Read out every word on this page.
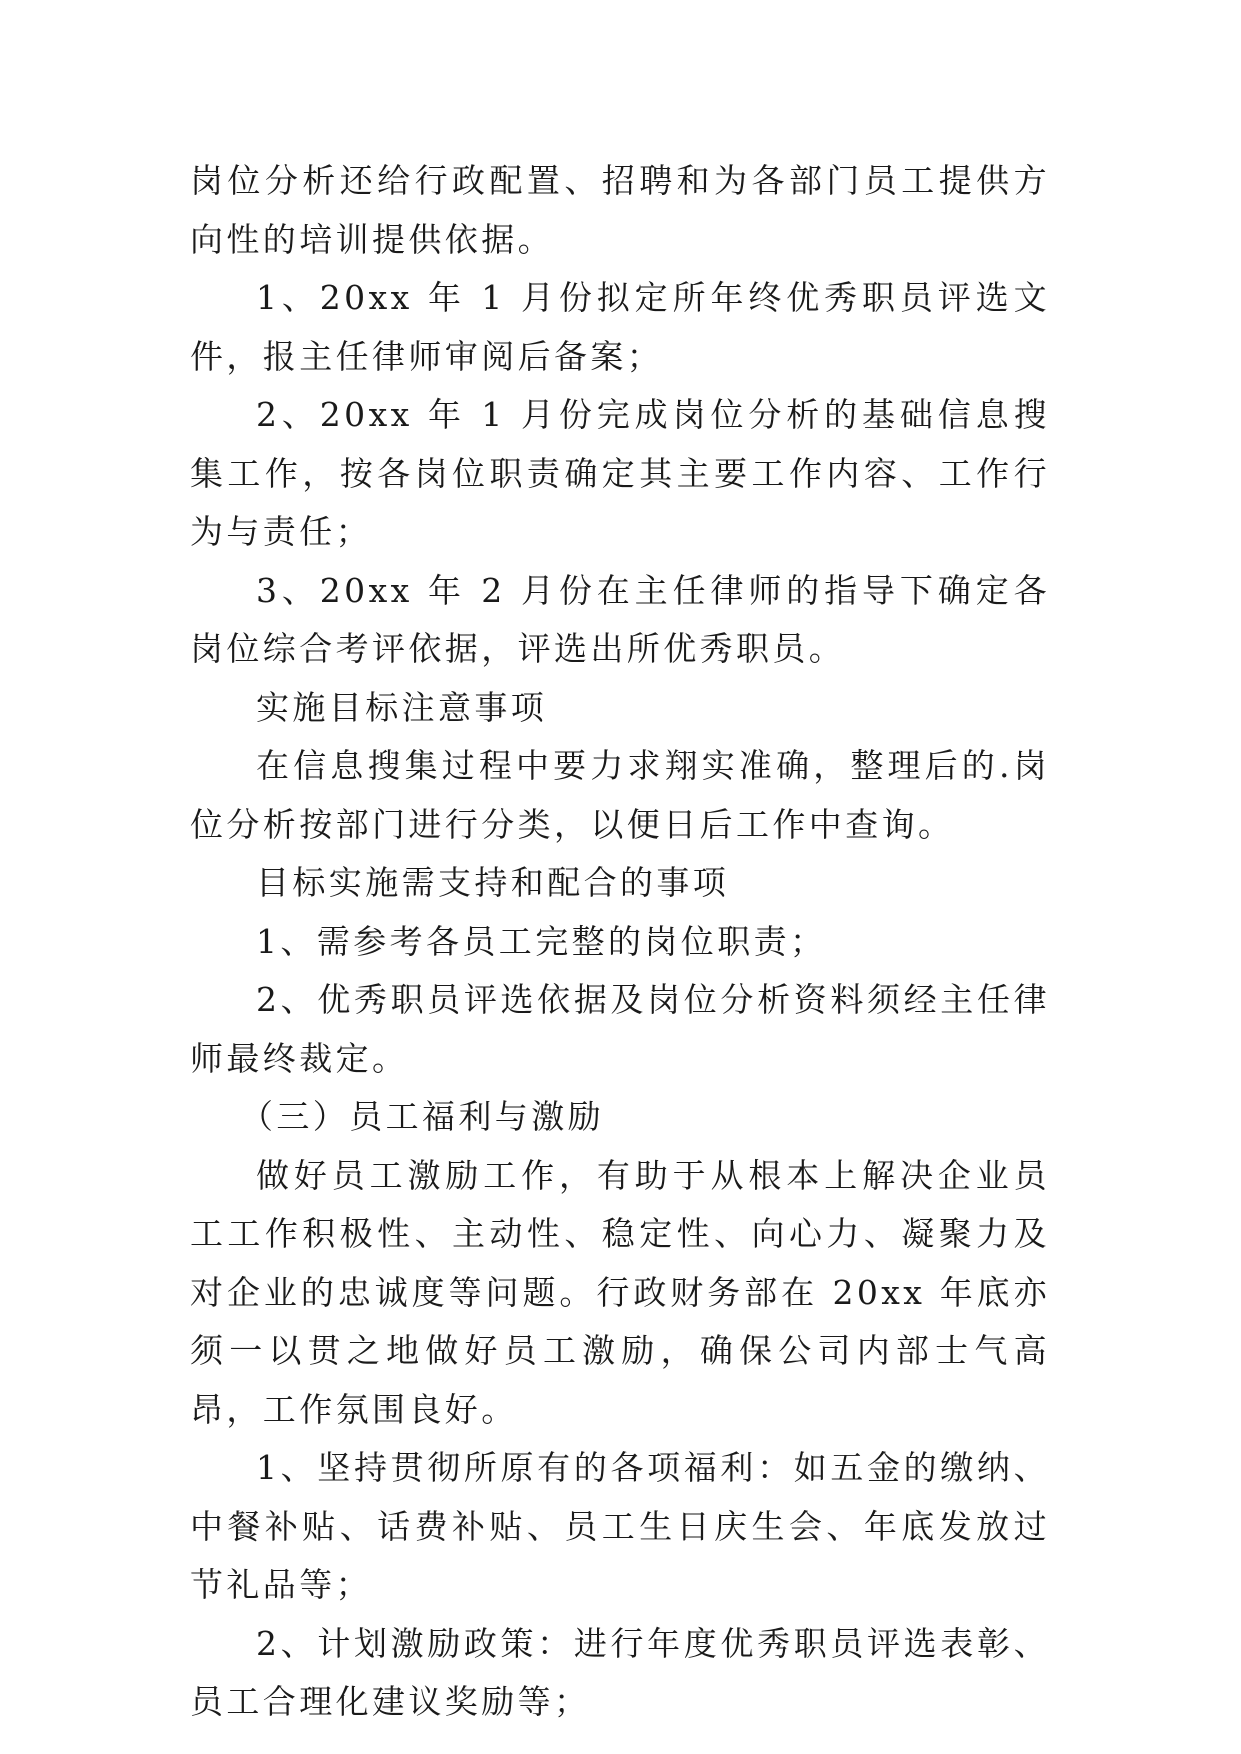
岗位分析还给行政配置、招聘和为各部门员工提供方向性的培训提供依据。

1、20xx 年 1 月份拟定所年终优秀职员评选文件，报主任律师审阅后备案；

2、20xx 年 1 月份完成岗位分析的基础信息搜集工作，按各岗位职责确定其主要工作内容、工作行为与责任；

3、20xx 年 2 月份在主任律师的指导下确定各岗位综合考评依据，评选出所优秀职员。

实施目标注意事项

在信息搜集过程中要力求翔实准确，整理后的.岗位分析按部门进行分类，以便日后工作中查询。

目标实施需支持和配合的事项

1、需参考各员工完整的岗位职责；

2、优秀职员评选依据及岗位分析资料须经主任律师最终裁定。

（三）员工福利与激励

做好员工激励工作，有助于从根本上解决企业员工工作积极性、主动性、稳定性、向心力、凝聚力及对企业的忠诚度等问题。行政财务部在 20xx 年底亦须一以贯之地做好员工激励，确保公司内部士气高昂，工作氛围良好。

1、坚持贯彻所原有的各项福利：如五金的缴纳、中餐补贴、话费补贴、员工生日庆生会、年底发放过节礼品等；

2、计划激励政策：进行年度优秀职员评选表彰、员工合理化建议奖励等；
